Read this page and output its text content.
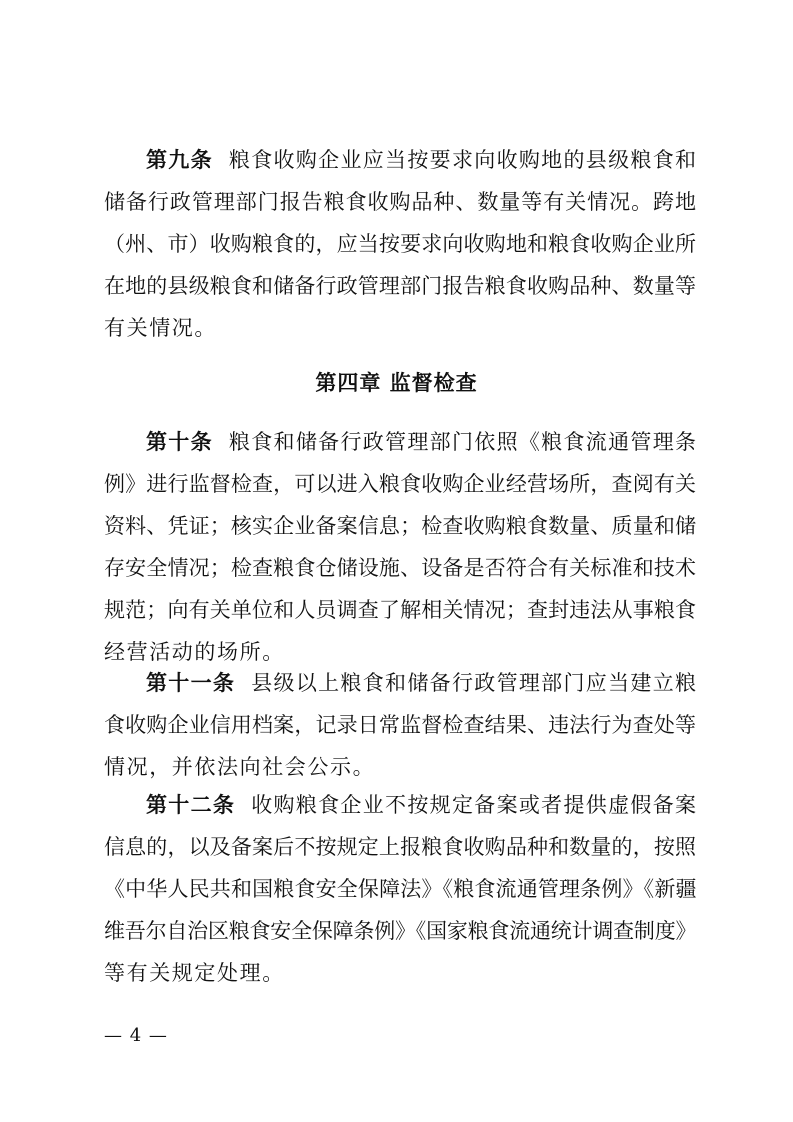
第九条 粮食收购企业应当按要求向收购地的县级粮食和
储备行政管理部门报告粮食收购品种、数量等有关情况。跨地
（州、市）收购粮食的，应当按要求向收购地和粮食收购企业所
在地的县级粮食和储备行政管理部门报告粮食收购品种、数量等
有关情况。
第四章 监督检查
第十条 粮食和储备行政管理部门依照《粮食流通管理条
例》进行监督检查，可以进入粮食收购企业经营场所，查阅有关
资料、凭证；核实企业备案信息；检查收购粮食数量、质量和储
存安全情况；检查粮食仓储设施、设备是否符合有关标准和技术
规范；向有关单位和人员调查了解相关情况；查封违法从事粮食
经营活动的场所。
第十一条 县级以上粮食和储备行政管理部门应当建立粮
食收购企业信用档案，记录日常监督检查结果、违法行为查处等
情况，并依法向社会公示。
第十二条 收购粮食企业不按规定备案或者提供虚假备案
信息的，以及备案后不按规定上报粮食收购品种和数量的，按照
《中华人民共和国粮食安全保障法》《粮食流通管理条例》《新疆
维吾尔自治区粮食安全保障条例》《国家粮食流通统计调查制度》
等有关规定处理。
— 4 —
